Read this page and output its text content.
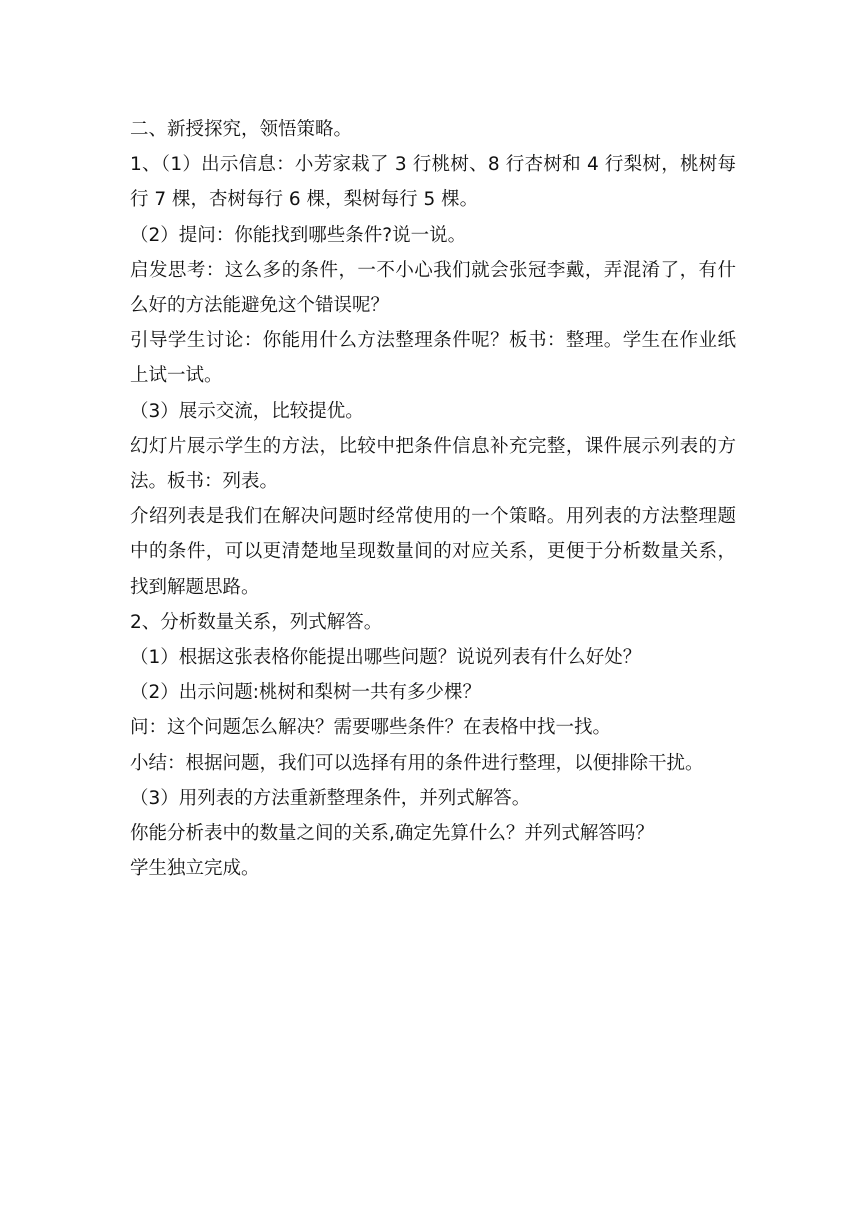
二、新授探究，领悟策略。

1、（1）出示信息：小芳家栽了 3 行桃树、8 行杏树和 4 行梨树，桃树每行 7 棵，杏树每行 6 棵，梨树每行 5 棵。

（2）提问：你能找到哪些条件?说一说。

启发思考：这么多的条件，一不小心我们就会张冠李戴，弄混淆了，有什么好的方法能避免这个错误呢？

引导学生讨论：你能用什么方法整理条件呢？板书：整理。学生在作业纸上试一试。

（3）展示交流，比较提优。

幻灯片展示学生的方法，比较中把条件信息补充完整，课件展示列表的方法。板书：列表。

介绍列表是我们在解决问题时经常使用的一个策略。用列表的方法整理题中的条件，可以更清楚地呈现数量间的对应关系，更便于分析数量关系，找到解题思路。

2、分析数量关系，列式解答。

（1）根据这张表格你能提出哪些问题？说说列表有什么好处？

（2）出示问题:桃树和梨树一共有多少棵？

问：这个问题怎么解决？需要哪些条件？在表格中找一找。

小结：根据问题，我们可以选择有用的条件进行整理，以便排除干扰。

（3）用列表的方法重新整理条件，并列式解答。

你能分析表中的数量之间的关系,确定先算什么？并列式解答吗？

学生独立完成。
